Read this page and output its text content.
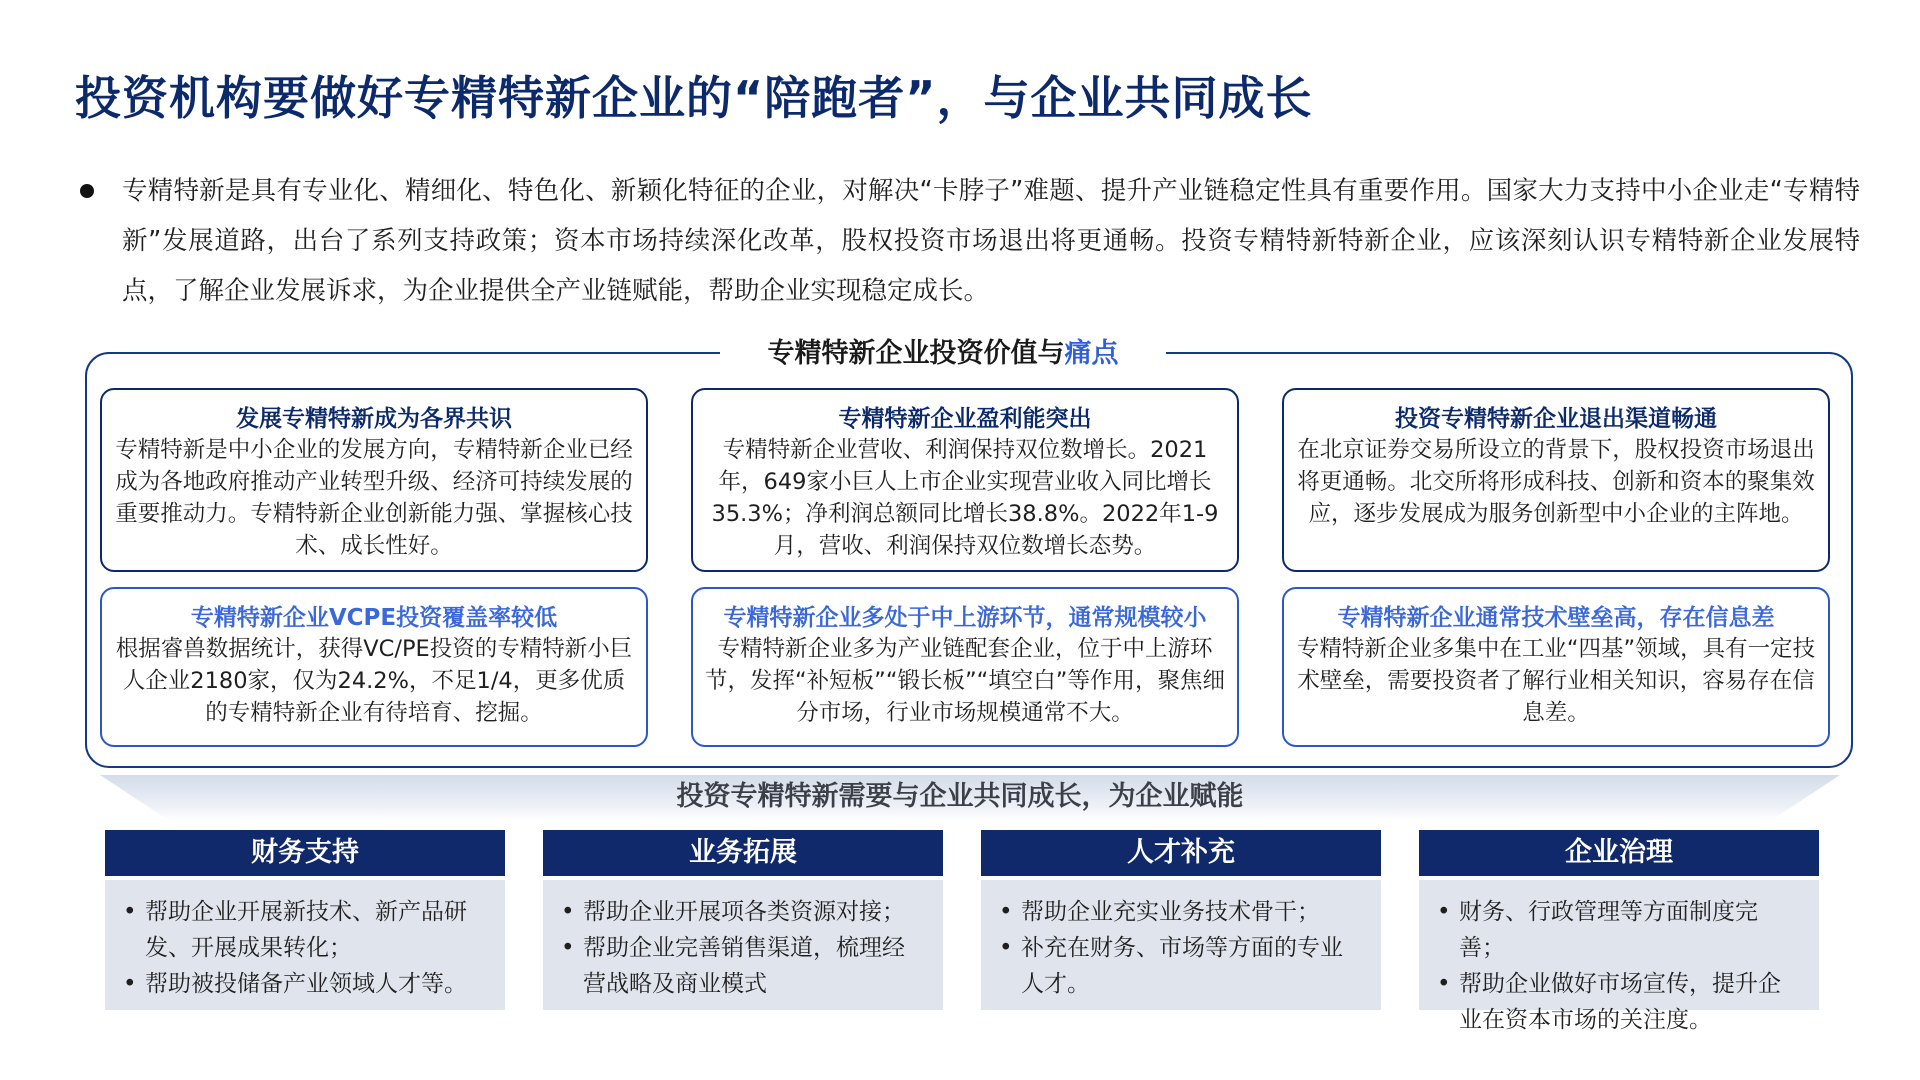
投资机构要做好专精特新企业的“陪跑者”，与企业共同成长
专精特新是具有专业化、精细化、特色化、新颖化特征的企业，对解决“卡脖子”难题、提升产业链稳定性具有重要作用。国家大力支持中小企业走“专精特新”发展道路，出台了系列支持政策；资本市场持续深化改革，股权投资市场退出将更通畅。投资专精特新特新企业，应该深刻认识专精特新企业发展特点，了解企业发展诉求，为企业提供全产业链赋能，帮助企业实现稳定成长。
专精特新企业投资价值与痛点
发展专精特新成为各界共识
专精特新是中小企业的发展方向，专精特新企业已经成为各地政府推动产业转型升级、经济可持续发展的重要推动力。专精特新企业创新能力强、掌握核心技术、成长性好。
专精特新企业盈利能突出
专精特新企业营收、利润保持双位数增长。2021年，649家小巨人上市企业实现营业收入同比增长35.3%；净利润总额同比增长38.8%。2022年1-9月，营收、利润保持双位数增长态势。
投资专精特新企业退出渠道畅通
在北京证券交易所设立的背景下，股权投资市场退出将更通畅。北交所将形成科技、创新和资本的聚集效应，逐步发展成为服务创新型中小企业的主阵地。
专精特新企业VCPE投资覆盖率较低
根据睿兽数据统计，获得VC/PE投资的专精特新小巨人企业2180家，仅为24.2%，不足1/4，更多优质的专精特新企业有待培育、挖掘。
专精特新企业多处于中上游环节，通常规模较小
专精特新企业多为产业链配套企业，位于中上游环节，发挥“补短板”“锻长板”“填空白”等作用，聚焦细分市场，行业市场规模通常不大。
专精特新企业通常技术壁垒高，存在信息差
专精特新企业多集中在工业“四基”领域，具有一定技术壁垒，需要投资者了解行业相关知识，容易存在信息差。
投资专精特新需要与企业共同成长，为企业赋能
财务支持
• 帮助企业开展新技术、新产品研发、开展成果转化；
• 帮助被投储备产业领域人才等。
业务拓展
• 帮助企业开展项各类资源对接；
• 帮助企业完善销售渠道，梳理经营战略及商业模式
人才补充
• 帮助企业充实业务技术骨干；
• 补充在财务、市场等方面的专业人才。
企业治理
• 财务、行政管理等方面制度完善；
• 帮助企业做好市场宣传，提升企业在资本市场的关注度。
